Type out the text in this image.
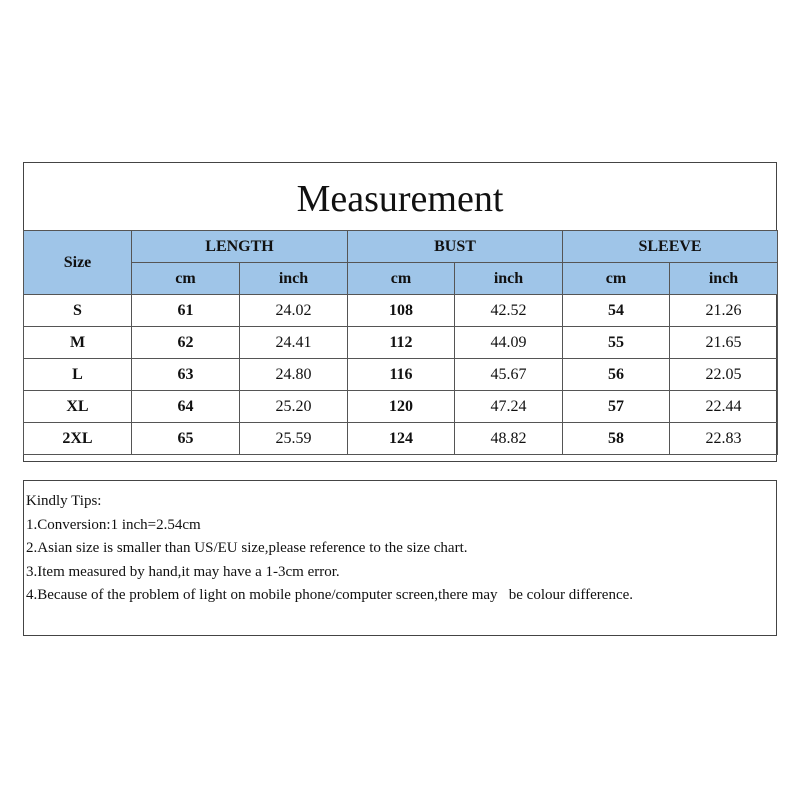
Measurement
Size	LENGTH		BUST		SLEEVE	
	cm	inch	cm	inch	cm	inch
S	61	24.02	108	42.52	54	21.26
M	62	24.41	112	44.09	55	21.65
L	63	24.80	116	45.67	56	22.05
XL	64	25.20	120	47.24	57	22.44
2XL	65	25.59	124	48.82	58	22.83
Kindly Tips:
1.Conversion:1 inch=2.54cm
2.Asian size is smaller than US/EU size,please reference to the size chart.
3.Item measured by hand,it may have a 1-3cm error.
4.Because of the problem of light on mobile phone/computer screen,there may   be colour difference.
